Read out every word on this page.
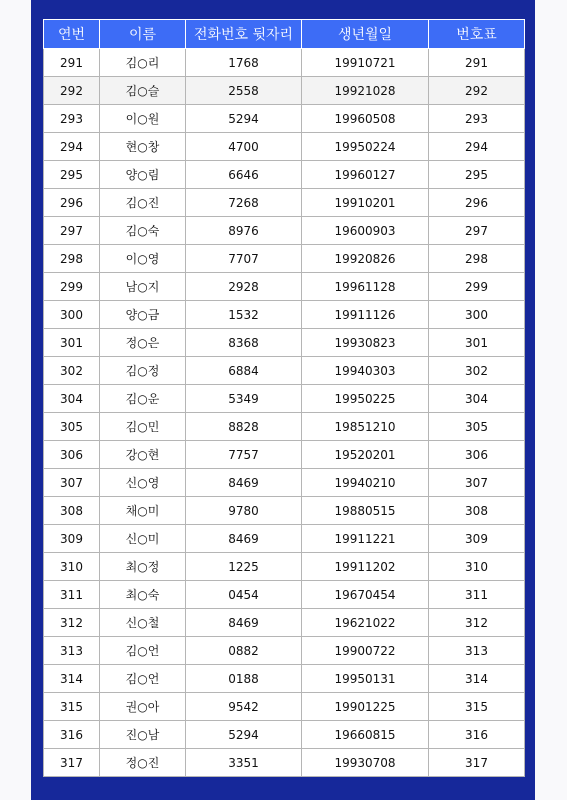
연번	이름	전화번호 뒷자리	생년월일	번호표
291	김○리	1768	19910721	291
292	김○슬	2558	19921028	292
293	이○원	5294	19960508	293
294	현○창	4700	19950224	294
295	양○림	6646	19960127	295
296	김○진	7268	19910201	296
297	김○숙	8976	19600903	297
298	이○영	7707	19920826	298
299	남○지	2928	19961128	299
300	양○금	1532	19911126	300
301	정○은	8368	19930823	301
302	김○정	6884	19940303	302
304	김○운	5349	19950225	304
305	김○민	8828	19851210	305
306	강○현	7757	19520201	306
307	신○영	8469	19940210	307
308	채○미	9780	19880515	308
309	신○미	8469	19911221	309
310	최○정	1225	19911202	310
311	최○숙	0454	19670454	311
312	신○철	8469	19621022	312
313	김○언	0882	19900722	313
314	김○언	0188	19950131	314
315	권○아	9542	19901225	315
316	진○남	5294	19660815	316
317	정○진	3351	19930708	317
